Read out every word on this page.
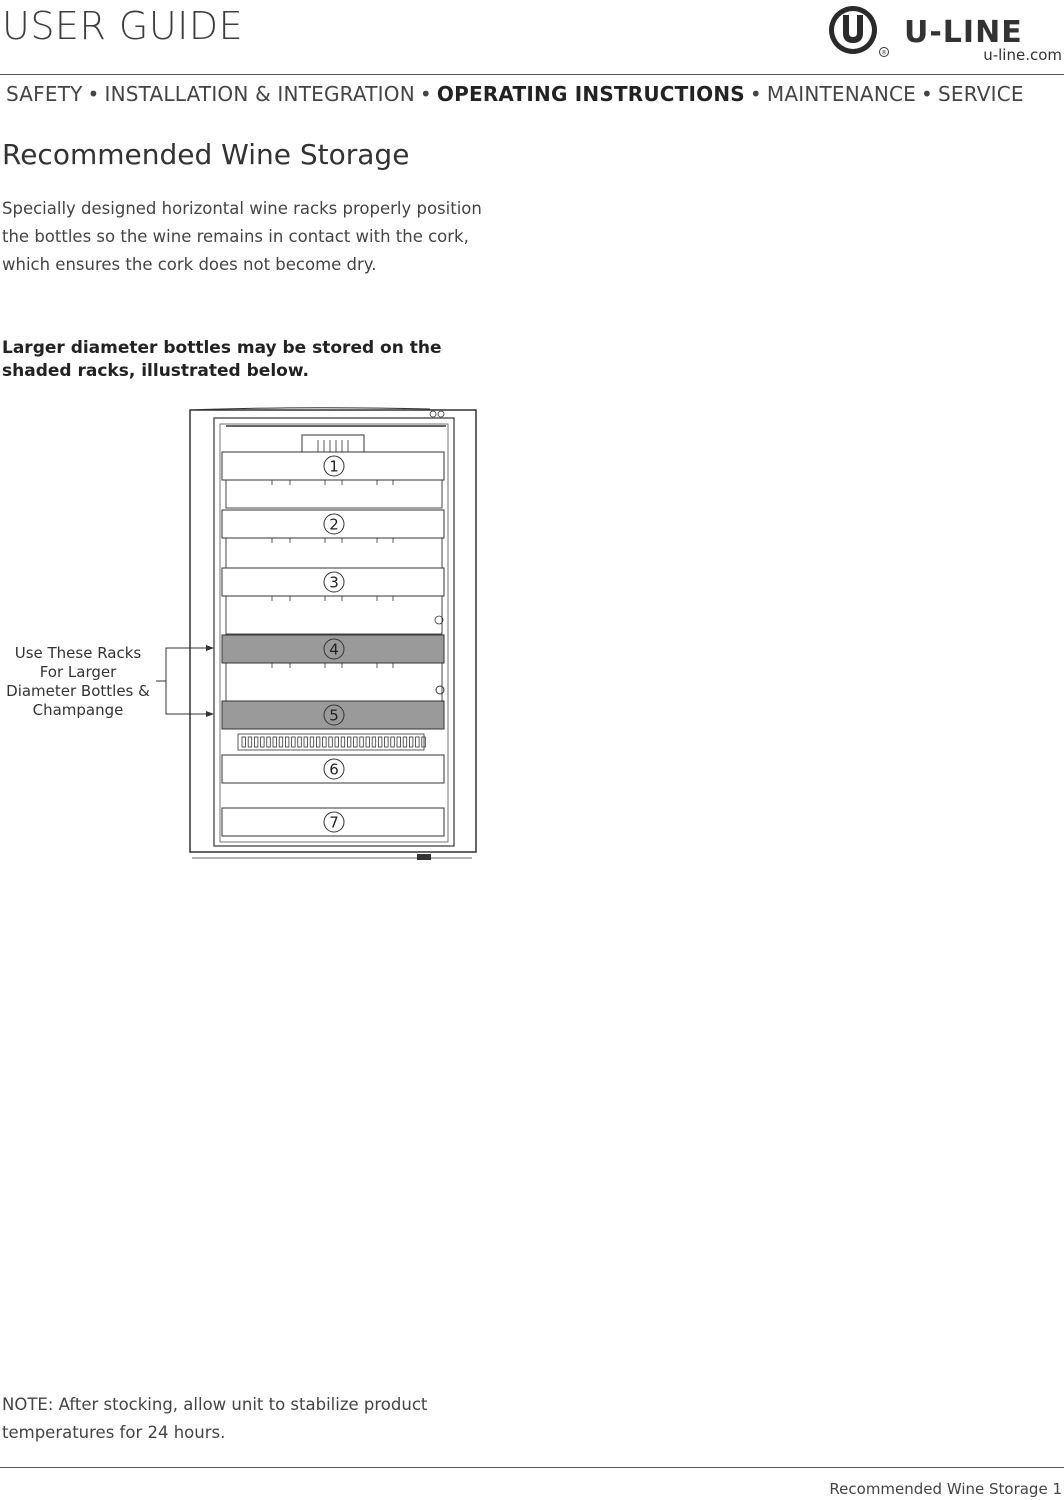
USER GUIDE
®
U-LINE
u-line.com
SAFETY • INSTALLATION & INTEGRATION • OPERATING INSTRUCTIONS • MAINTENANCE • SERVICE
Recommended Wine Storage
Specially designed horizontal wine racks properly position the bottles so the wine remains in contact with the cork, which ensures the cork does not become dry.
Larger diameter bottles may be stored on the shaded racks, illustrated below.
1
2
3
4
5
6
7
Use These Racks For Larger Diameter Bottles & Champange
NOTE: After stocking, allow unit to stabilize product temperatures for 24 hours.
Recommended Wine Storage 1
